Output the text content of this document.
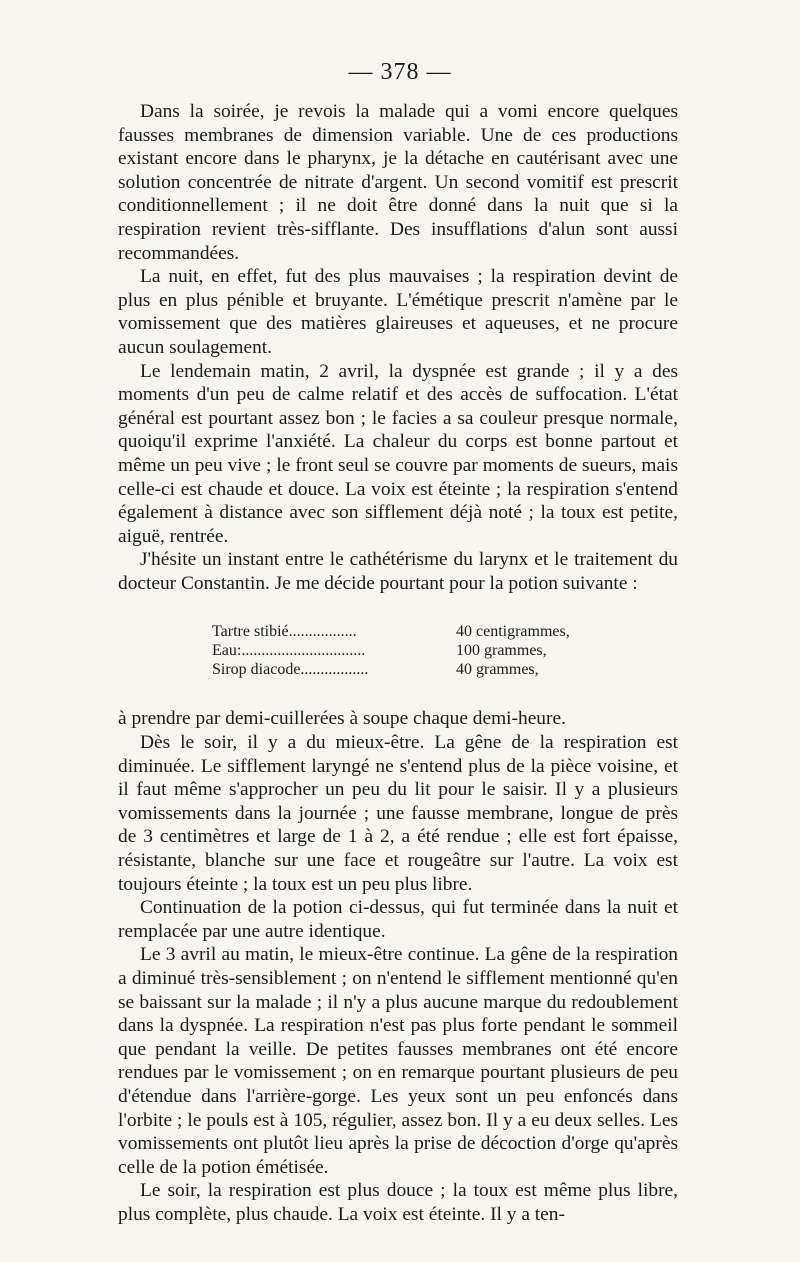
— 378 —

Dans la soirée, je revois la malade qui a vomi encore quelques fausses membranes de dimension variable. Une de ces productions existant encore dans le pharynx, je la détache en cautérisant avec une solution concentrée de nitrate d'argent. Un second vomitif est prescrit conditionnellement ; il ne doit être donné dans la nuit que si la respiration revient très-sifflante. Des insufflations d'alun sont aussi recommandées.

La nuit, en effet, fut des plus mauvaises ; la respiration devint de plus en plus pénible et bruyante. L'émétique prescrit n'amène par le vomissement que des matières glaireuses et aqueuses, et ne procure aucun soulagement.

Le lendemain matin, 2 avril, la dyspnée est grande ; il y a des moments d'un peu de calme relatif et des accès de suffocation. L'état général est pourtant assez bon ; le facies a sa couleur presque normale, quoiqu'il exprime l'anxiété. La chaleur du corps est bonne partout et même un peu vive ; le front seul se couvre par moments de sueurs, mais celle-ci est chaude et douce. La voix est éteinte ; la respiration s'entend également à distance avec son sifflement déjà noté ; la toux est petite, aiguë, rentrée.

J'hésite un instant entre le cathétérisme du larynx et le traitement du docteur Constantin. Je me décide pourtant pour la potion suivante :

Tartre stibié.................	40 centigrammes,
Eau:...............................	100 grammes,
Sirop diacode.................	40 grammes,

à prendre par demi-cuillerées à soupe chaque demi-heure.

Dès le soir, il y a du mieux-être. La gêne de la respiration est diminuée. Le sifflement laryngé ne s'entend plus de la pièce voisine, et il faut même s'approcher un peu du lit pour le saisir. Il y a plusieurs vomissements dans la journée ; une fausse membrane, longue de près de 3 centimètres et large de 1 à 2, a été rendue ; elle est fort épaisse, résistante, blanche sur une face et rougeâtre sur l'autre. La voix est toujours éteinte ; la toux est un peu plus libre.

Continuation de la potion ci-dessus, qui fut terminée dans la nuit et remplacée par une autre identique.

Le 3 avril au matin, le mieux-être continue. La gêne de la respiration a diminué très-sensiblement ; on n'entend le sifflement mentionné qu'en se baissant sur la malade ; il n'y a plus aucune marque du redoublement dans la dyspnée. La respiration n'est pas plus forte pendant le sommeil que pendant la veille. De petites fausses membranes ont été encore rendues par le vomissement ; on en remarque pourtant plusieurs de peu d'étendue dans l'arrière-gorge. Les yeux sont un peu enfoncés dans l'orbite ; le pouls est à 105, régulier, assez bon. Il y a eu deux selles. Les vomissements ont plutôt lieu après la prise de décoction d'orge qu'après celle de la potion émétisée.

Le soir, la respiration est plus douce ; la toux est même plus libre, plus complète, plus chaude. La voix est éteinte. Il y a ten-
